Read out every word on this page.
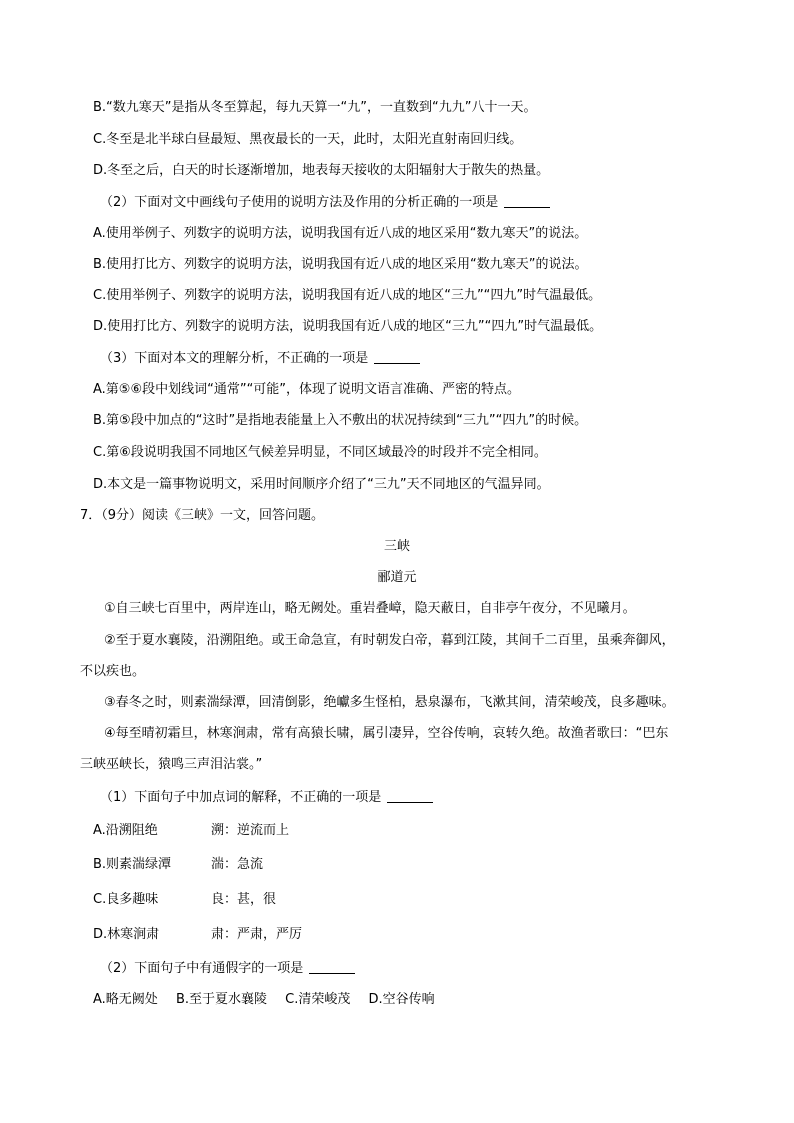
B.“数九寒天”是指从冬至算起，每九天算一“九”，一直数到“九九”八十一天。
C.冬至是北半球白昼最短、黑夜最长的一天，此时，太阳光直射南回归线。
D.冬至之后，白天的时长逐渐增加，地表每天接收的太阳辐射大于散失的热量。
（2）下面对文中画线句子使用的说明方法及作用的分析正确的一项是
A.使用举例子、列数字的说明方法，说明我国有近八成的地区采用“数九寒天”的说法。
B.使用打比方、列数字的说明方法，说明我国有近八成的地区采用“数九寒天”的说法。
C.使用举例子、列数字的说明方法，说明我国有近八成的地区“三九”“四九”时气温最低。
D.使用打比方、列数字的说明方法，说明我国有近八成的地区“三九”“四九”时气温最低。
（3）下面对本文的理解分析，不正确的一项是
A.第⑤⑥段中划线词“通常”“可能”，体现了说明文语言准确、严密的特点。
B.第⑤段中加点的“这时”是指地表能量上入不敷出的状况持续到“三九”“四九”的时候。
C.第⑥段说明我国不同地区气候差异明显，不同区域最冷的时段并不完全相同。
D.本文是一篇事物说明文，采用时间顺序介绍了“三九”天不同地区的气温异同。
7．（9分）阅读《三峡》一文，回答问题。
三峡
郦道元
①自三峡七百里中，两岸连山，略无阙处。重岩叠嶂，隐天蔽日，自非亭午夜分，不见曦月。
②至于夏水襄陵，沿溯阻绝。或王命急宣，有时朝发白帝，暮到江陵，其间千二百里，虽乘奔御风，
不以疾也。
③春冬之时，则素湍绿潭，回清倒影，绝巘多生怪柏，悬泉瀑布，飞漱其间，清荣峻茂，良多趣味。
④每至晴初霜旦，林寒涧肃，常有高猿长啸，属引凄异，空谷传响，哀转久绝。故渔者歌曰：“巴东
三峡巫峡长，猿鸣三声泪沾裳。”
（1）下面句子中加点词的解释，不正确的一项是
A.沿溯阻绝	溯：逆流而上
B.则素湍绿潭	湍：急流
C.良多趣味	良：甚，很
D.林寒涧肃	肃：严肃，严厉
（2）下面句子中有通假字的一项是
A.略无阙处 B.至于夏水襄陵 C.清荣峻茂 D.空谷传响
